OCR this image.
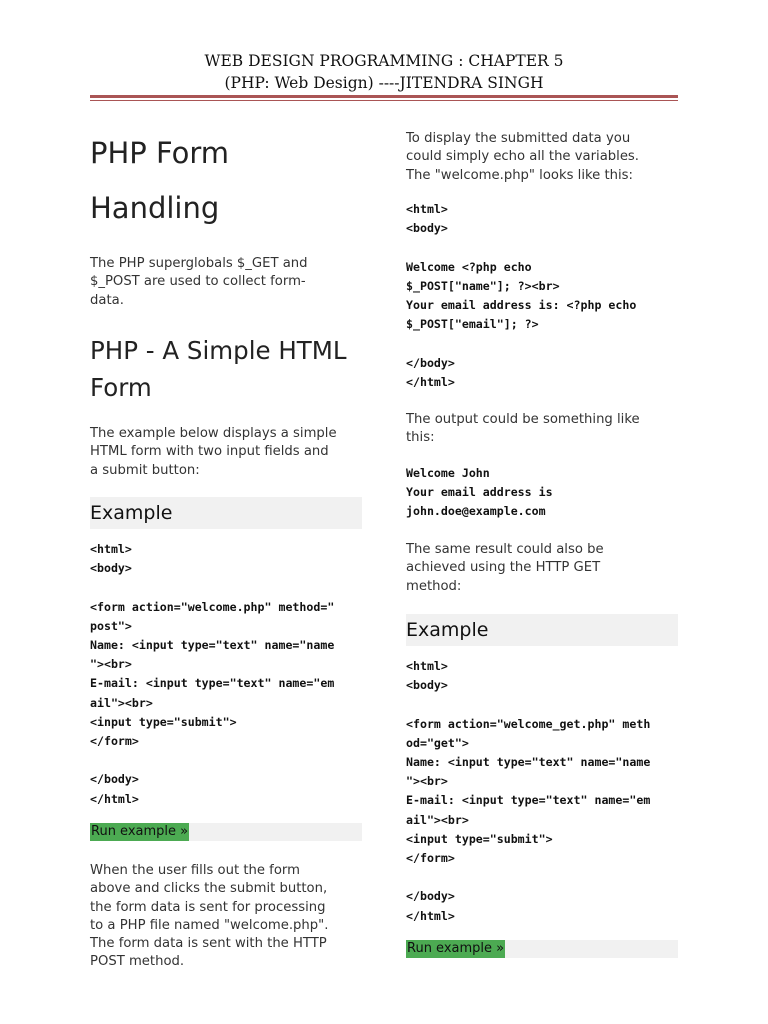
WEB DESIGN PROGRAMMING : CHAPTER 5
(PHP: Web Design) ----JITENDRA SINGH
PHP Form
Handling
The PHP superglobals $_GET and
$_POST are used to collect form-
data.
PHP - A Simple HTML
Form
The example below displays a simple
HTML form with two input fields and
a submit button:
Example
<html>
<body>

<form action="welcome.php" method="
post">
Name: <input type="text" name="name
"><br>
E-mail: <input type="text" name="em
ail"><br>
<input type="submit">
</form>

</body>
</html>
Run example »
When the user fills out the form
above and clicks the submit button,
the form data is sent for processing
to a PHP file named "welcome.php".
The form data is sent with the HTTP
POST method.
To display the submitted data you
could simply echo all the variables.
The "welcome.php" looks like this:
<html>
<body>

Welcome <?php echo
$_POST["name"]; ?><br>
Your email address is: <?php echo
$_POST["email"]; ?>

</body>
</html>
The output could be something like
this:
Welcome John
Your email address is
john.doe@example.com
The same result could also be
achieved using the HTTP GET
method:
Example
<html>
<body>

<form action="welcome_get.php" meth
od="get">
Name: <input type="text" name="name
"><br>
E-mail: <input type="text" name="em
ail"><br>
<input type="submit">
</form>

</body>
</html>
Run example »
